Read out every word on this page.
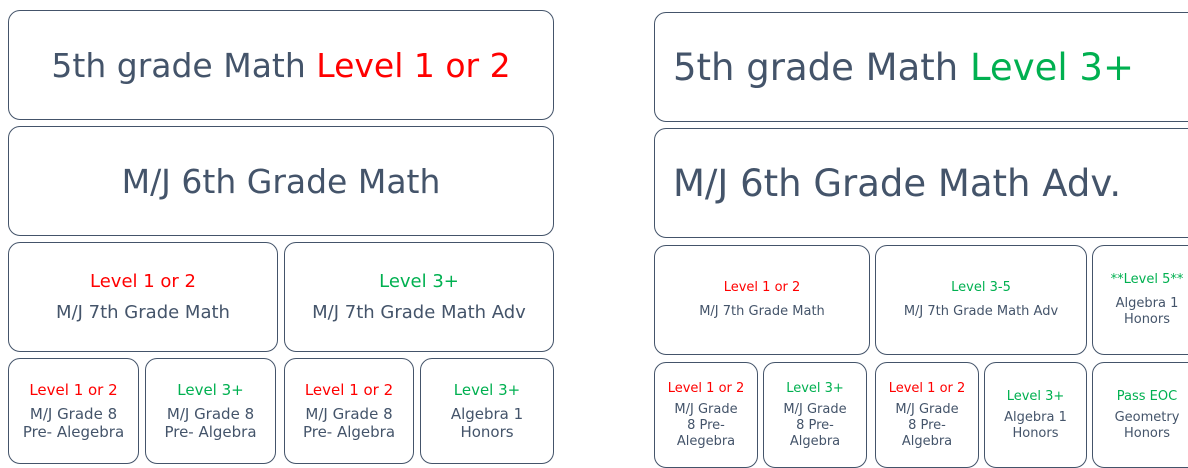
5th grade Math Level 1 or 2
M/J 6th Grade Math
Level 1 or 2
M/J 7th Grade Math
Level 3+
M/J 7th Grade Math Adv
Level 1 or 2
M/J Grade 8
Pre- Alegebra
Level 3+
M/J Grade 8
Pre- Algebra
Level 1 or 2
M/J Grade 8
Pre- Algebra
Level 3+
Algebra 1
Honors
5th grade Math Level 3+
M/J 6th Grade Math Adv.
Level 1 or 2
M/J 7th Grade Math
Level 3-5
M/J 7th Grade Math Adv
**Level 5**
Algebra 1
Honors
Level 1 or 2
M/J Grade
8 Pre-
Alegebra
Level 3+
M/J Grade
8 Pre-
Algebra
Level 1 or 2
M/J Grade
8 Pre-
Algebra
Level 3+
Algebra 1
Honors
Pass EOC
Geometry
Honors
